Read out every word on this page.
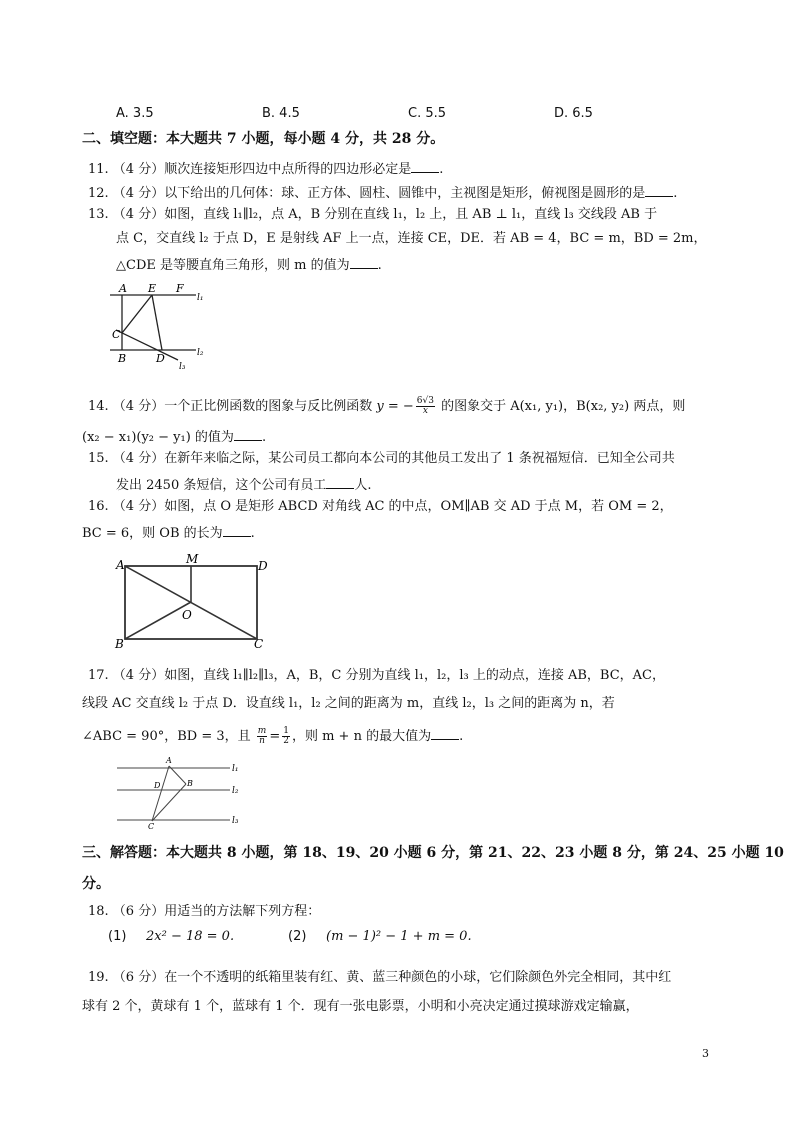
A. 3.5	B. 4.5	C. 5.5	D. 6.5
二、填空题：本大题共 7 小题，每小题 4 分，共 28 分。
11. （4 分）顺次连接矩形四边中点所得的四边形必定是 .
12. （4 分）以下给出的几何体：球、正方体、圆柱、圆锥中，主视图是矩形，俯视图是圆形的是 .
13. （4 分）如图，直线 l₁∥l₂，点 A，B 分别在直线 l₁，l₂ 上，且 AB ⊥ l₁，直线 l₃ 交线段 AB 于
点 C，交直线 l₂ 于点 D，E 是射线 AF 上一点，连接 CE，DE．若 AB = 4，BC = m，BD = 2m，
△CDE 是等腰直角三角形，则 m 的值为 .
A E F
l₁
C
B	D	l₂
l₃
14. （4 分）一个正比例函数的图象与反比例函数 y = − $\frac{6√3}{x}$ 的图象交于 A(x₁, y₁)，B(x₂, y₂) 两点，则
(x₂ − x₁)(y₂ − y₁) 的值为 .
15. （4 分）在新年来临之际，某公司员工都向本公司的其他员工发出了 1 条祝福短信．已知全公司共
发出 2450 条短信，这个公司有员工 人.
16. （4 分）如图，点 O 是矩形 ABCD 对角线 AC 的中点，OM∥AB 交 AD 于点 M，若 OM = 2，
BC = 6，则 OB 的长为 .
A	M	D
O
B	C
17. （4 分）如图，直线 l₁∥l₂∥l₃，A，B，C 分别为直线 l₁，l₂，l₃ 上的动点，连接 AB，BC，AC，
线段 AC 交直线 l₂ 于点 D．设直线 l₁，l₂ 之间的距离为 m，直线 l₂，l₃ 之间的距离为 n，若
∠ABC = 90°，BD = 3，且 $\frac{m}{n} = \frac{1}{2}$ ，则 m + n 的最大值为 .
A
B
D
C
l₁
l₂
l₃
三、解答题：本大题共 8 小题，第 18、19、20 小题 6 分，第 21、22、23 小题 8 分，第 24、25 小题 10
分。
18. （6 分）用适当的方法解下列方程：
(1) 2x² − 18 = 0.	(2) (m − 1)² − 1 + m = 0.
19. （6 分）在一个不透明的纸箱里装有红、黄、蓝三种颜色的小球，它们除颜色外完全相同，其中红
球有 2 个，黄球有 1 个，蓝球有 1 个．现有一张电影票，小明和小亮决定通过摸球游戏定输赢，
3
